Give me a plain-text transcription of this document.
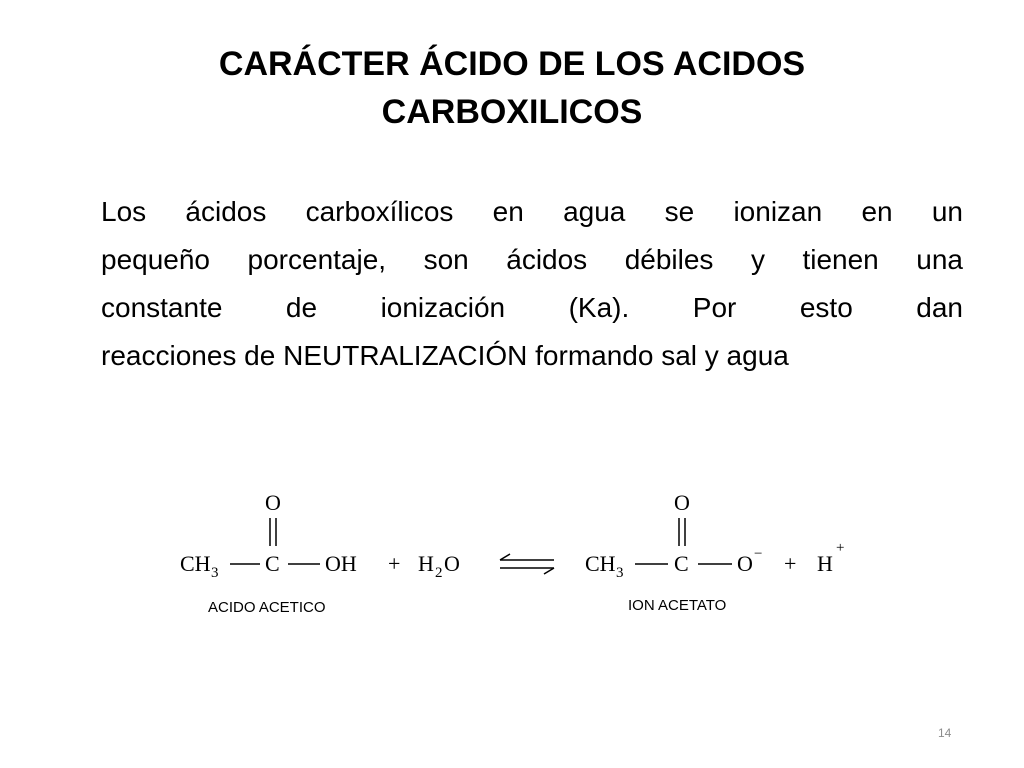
CARÁCTER ÁCIDO DE LOS ACIDOS
CARBOXILICOS
Los ácidos carboxílicos en agua se ionizan en un
pequeño porcentaje, son ácidos débiles y tienen una
constante de ionización (Ka). Por esto dan
reacciones de NEUTRALIZACIÓN formando sal y agua
O
CH 3 C OH
ACIDO ACETICO
+ H 2 O
O
CH 3 C O −
ION ACETATO
+ H
+
14
